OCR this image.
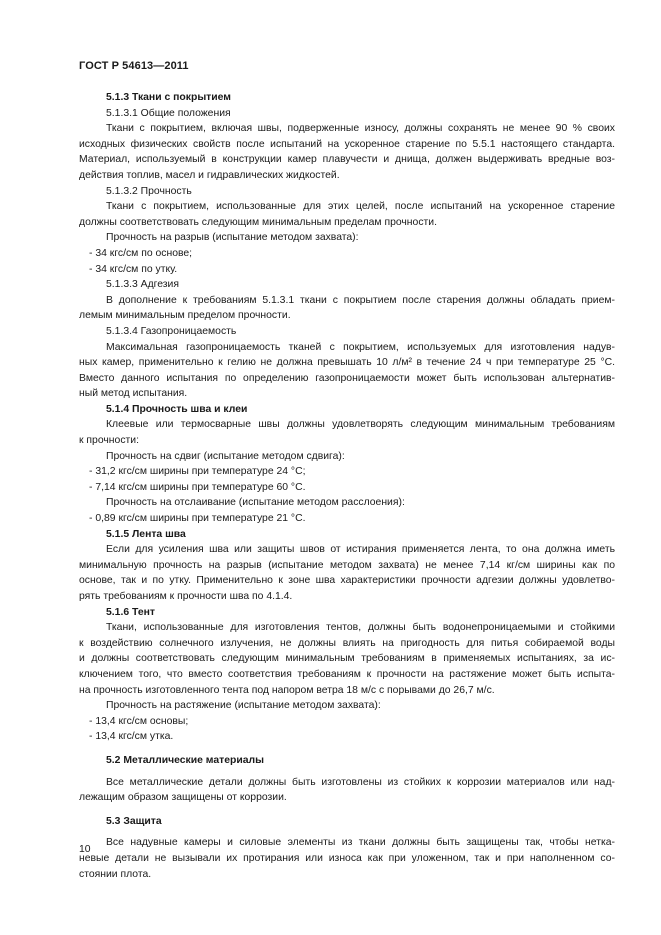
ГОСТ Р 54613—2011
5.1.3 Ткани с покрытием
5.1.3.1 Общие положения
Ткани с покрытием, включая швы, подверженные износу, должны сохранять не менее 90 % своих
исходных физических свойств после испытаний на ускоренное старение по 5.5.1 настоящего стандарта.
Материал, используемый в конструкции камер плавучести и днища, должен выдерживать вредные воз-
действия топлив, масел и гидравлических жидкостей.
5.1.3.2 Прочность
Ткани с покрытием, использованные для этих целей, после испытаний на ускоренное старение
должны соответствовать следующим минимальным пределам прочности.
Прочность на разрыв (испытание методом захвата):
- 34 кгс/см по основе;
- 34 кгс/см по утку.
5.1.3.3 Адгезия
В дополнение к требованиям 5.1.3.1 ткани с покрытием после старения должны обладать прием-
лемым минимальным пределом прочности.
5.1.3.4 Газопроницаемость
Максимальная газопроницаемость тканей с покрытием, используемых для изготовления надув-
ных камер, применительно к гелию не должна превышать 10 л/м² в течение 24 ч при температуре 25 °С.
Вместо данного испытания по определению газопроницаемости может быть использован альтернатив-
ный метод испытания.
5.1.4 Прочность шва и клеи
Клеевые или термосварные швы должны удовлетворять следующим минимальным требованиям
к прочности:
Прочность на сдвиг (испытание методом сдвига):
- 31,2 кгс/см ширины при температуре 24 °С;
- 7,14 кгс/см ширины при температуре 60 °С.
Прочность на отслаивание (испытание методом расслоения):
- 0,89 кгс/см ширины при температуре 21 °С.
5.1.5 Лента шва
Если для усиления шва или защиты швов от истирания применяется лента, то она должна иметь
минимальную прочность на разрыв (испытание методом захвата) не менее 7,14 кг/см ширины как по
основе, так и по утку. Применительно к зоне шва характеристики прочности адгезии должны удовлетво-
рять требованиям к прочности шва по 4.1.4.
5.1.6 Тент
Ткани, использованные для изготовления тентов, должны быть водонепроницаемыми и стойкими
к воздействию солнечного излучения, не должны влиять на пригодность для питья собираемой воды
и должны соответствовать следующим минимальным требованиям в применяемых испытаниях, за ис-
ключением того, что вместо соответствия требованиям к прочности на растяжение может быть испыта-
на прочность изготовленного тента под напором ветра 18 м/с с порывами до 26,7 м/с.
Прочность на растяжение (испытание методом захвата):
- 13,4 кгс/см основы;
- 13,4 кгс/см утка.
5.2 Металлические материалы
Все металлические детали должны быть изготовлены из стойких к коррозии материалов или над-
лежащим образом защищены от коррозии.
5.3 Защита
Все надувные камеры и силовые элементы из ткани должны быть защищены так, чтобы нетка-
невые детали не вызывали их протирания или износа как при уложенном, так и при наполненном со-
стоянии плота.
10
